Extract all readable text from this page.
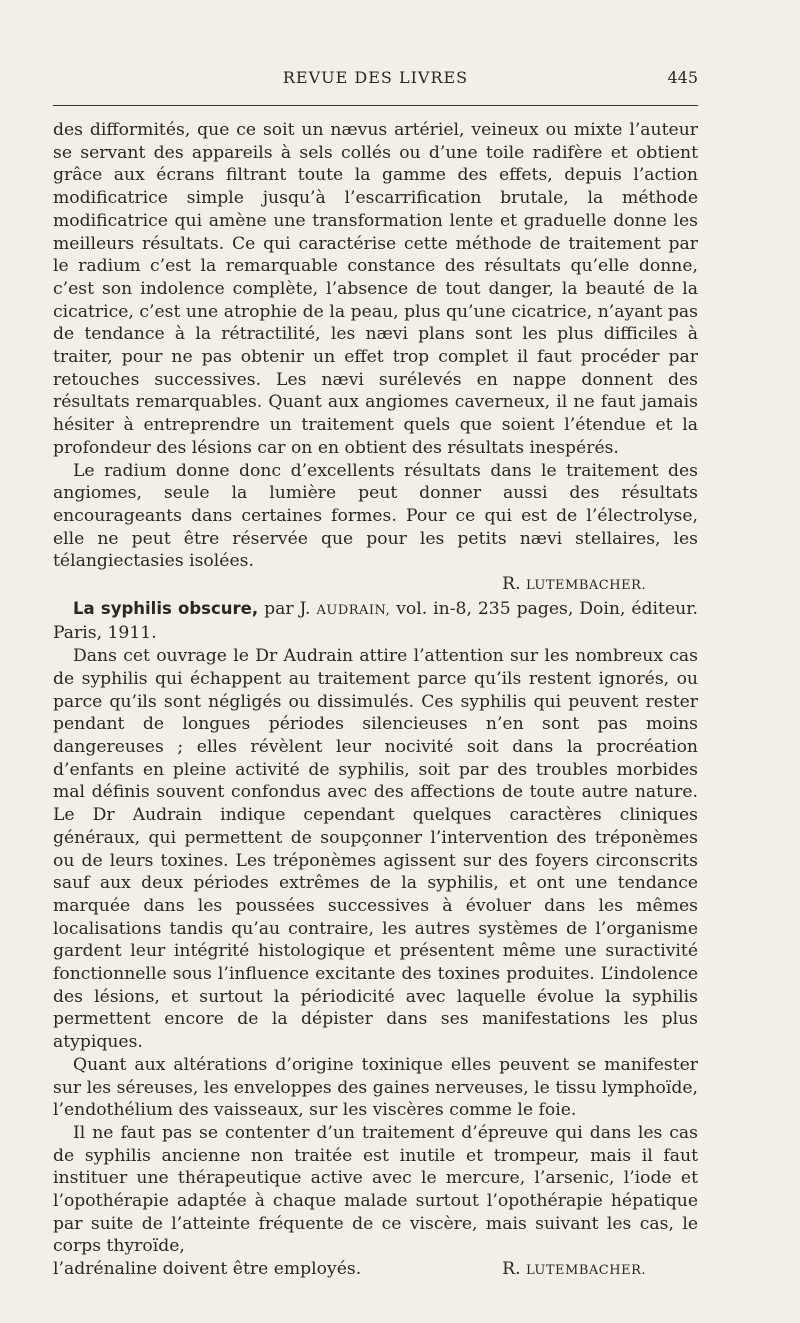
REVUE DES LIVRES	445

des difformités, que ce soit un nævus artériel, veineux ou mixte l’auteur se servant des appareils à sels collés ou d’une toile radifère et obtient grâce aux écrans filtrant toute la gamme des effets, depuis l’action modificatrice simple jusqu’à l’escarrification brutale, la méthode modificatrice qui amène une transformation lente et graduelle donne les meilleurs résultats. Ce qui caractérise cette méthode de traitement par le radium c’est la remarquable constance des résultats qu’elle donne, c’est son indolence complète, l’absence de tout danger, la beauté de la cicatrice, c’est une atrophie de la peau, plus qu’une cicatrice, n’ayant pas de tendance à la rétractilité, les nævi plans sont les plus difficiles à traiter, pour ne pas obtenir un effet trop complet il faut procéder par retouches successives. Les nævi surélevés en nappe donnent des résultats remarquables. Quant aux angiomes caverneux, il ne faut jamais hésiter à entreprendre un traitement quels que soient l’étendue et la profondeur des lésions car on en obtient des résultats inespérés.

Le radium donne donc d’excellents résultats dans le traitement des angiomes, seule la lumière peut donner aussi des résultats encourageants dans certaines formes. Pour ce qui est de l’électrolyse, elle ne peut être réservée que pour les petits nævi stellaires, les télangiectasies isolées.

R. LUTEMBACHER.

La syphilis obscure, par J. AUDRAIN, vol. in-8, 235 pages, Doin, éditeur. Paris, 1911.

Dans cet ouvrage le Dr Audrain attire l’attention sur les nombreux cas de syphilis qui échappent au traitement parce qu’ils restent ignorés, ou parce qu’ils sont négligés ou dissimulés. Ces syphilis qui peuvent rester pendant de longues périodes silencieuses n’en sont pas moins dangereuses ; elles révèlent leur nocivité soit dans la procréation d’enfants en pleine activité de syphilis, soit par des troubles morbides mal définis souvent confondus avec des affections de toute autre nature. Le Dr Audrain indique cependant quelques caractères cliniques généraux, qui permettent de soupçonner l’intervention des tréponèmes ou de leurs toxines. Les tréponèmes agissent sur des foyers circonscrits sauf aux deux périodes extrêmes de la syphilis, et ont une tendance marquée dans les poussées successives à évoluer dans les mêmes localisations tandis qu’au contraire, les autres systèmes de l’organisme gardent leur intégrité histologique et présentent même une suractivité fonctionnelle sous l’influence excitante des toxines produites. L’indolence des lésions, et surtout la périodicité avec laquelle évolue la syphilis permettent encore de la dépister dans ses manifestations les plus atypiques.

Quant aux altérations d’origine toxinique elles peuvent se manifester sur les séreuses, les enveloppes des gaines nerveuses, le tissu lymphoïde, l’endothélium des vaisseaux, sur les viscères comme le foie.

Il ne faut pas se contenter d’un traitement d’épreuve qui dans les cas de syphilis ancienne non traitée est inutile et trompeur, mais il faut instituer une thérapeutique active avec le mercure, l’arsenic, l’iode et l’opothérapie adaptée à chaque malade surtout l’opothérapie hépatique par suite de l’atteinte fréquente de ce viscère, mais suivant les cas, le corps thyroïde,

l’adrénaline doivent être employés.	R. LUTEMBACHER.
